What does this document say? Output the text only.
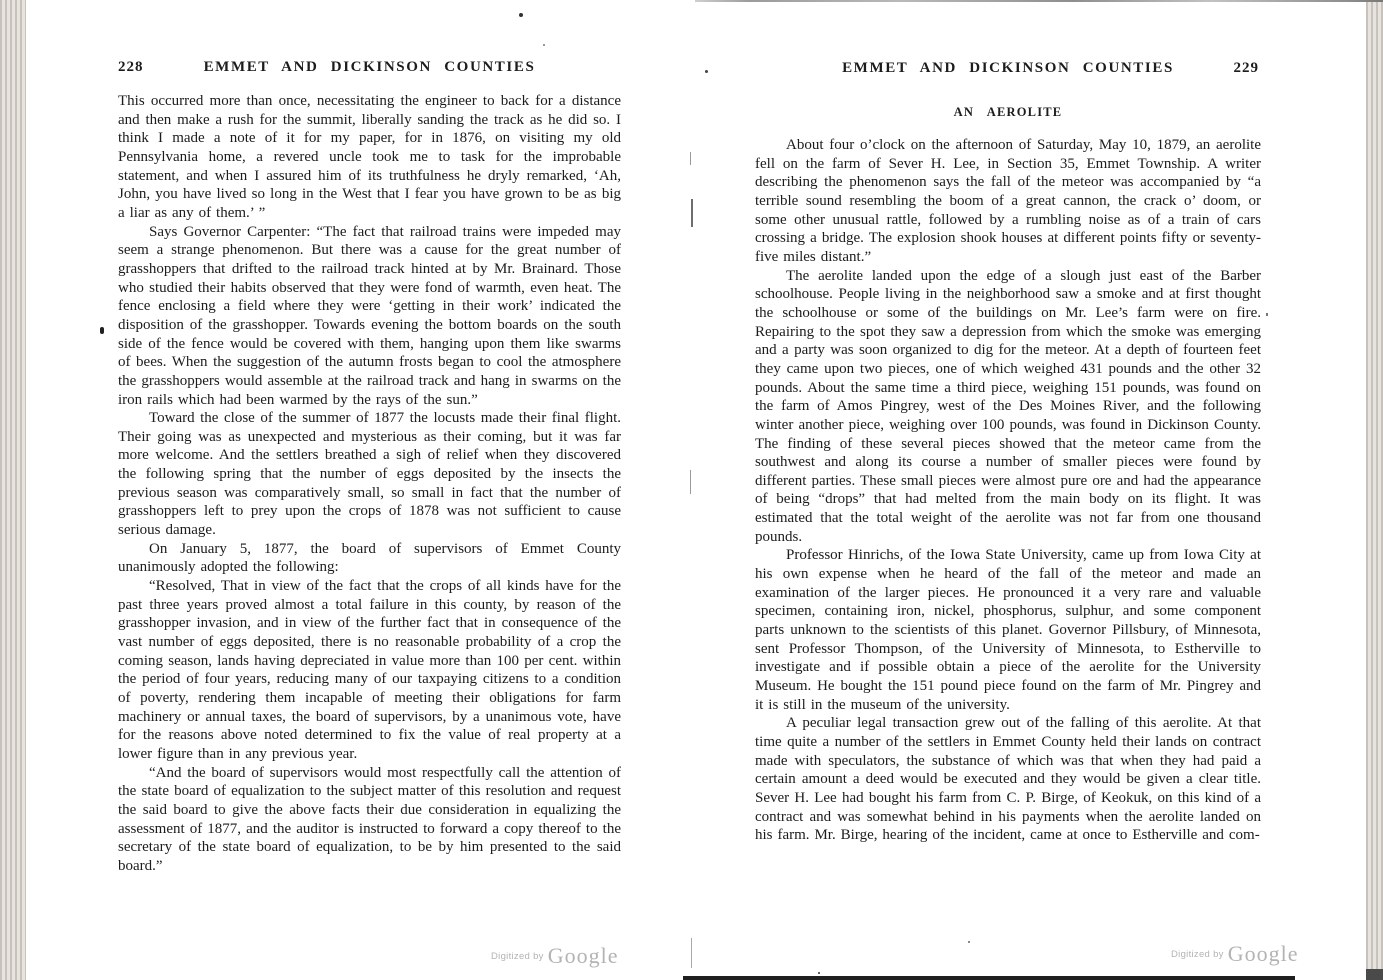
228	EMMET AND DICKINSON COUNTIES

This occurred more than once, necessitating the engineer to back for a distance and then make a rush for the summit, liberally sanding the track as he did so. I think I made a note of it for my paper, for in 1876, on visiting my old Pennsylvania home, a revered uncle took me to task for the improbable statement, and when I assured him of its truthfulness he dryly remarked, ‘Ah, John, you have lived so long in the West that I fear you have grown to be as big a liar as any of them.’ ”

Says Governor Carpenter: “The fact that railroad trains were impeded may seem a strange phenomenon. But there was a cause for the great number of grasshoppers that drifted to the railroad track hinted at by Mr. Brainard. Those who studied their habits observed that they were fond of warmth, even heat. The fence enclosing a field where they were ‘getting in their work’ indicated the disposition of the grasshopper. Towards evening the bottom boards on the south side of the fence would be covered with them, hanging upon them like swarms of bees. When the suggestion of the autumn frosts began to cool the atmosphere the grasshoppers would assemble at the railroad track and hang in swarms on the iron rails which had been warmed by the rays of the sun.”

Toward the close of the summer of 1877 the locusts made their final flight. Their going was as unexpected and mysterious as their coming, but it was far more welcome. And the settlers breathed a sigh of relief when they discovered the following spring that the number of eggs deposited by the insects the previous season was comparatively small, so small in fact that the number of grasshoppers left to prey upon the crops of 1878 was not sufficient to cause serious damage.

On January 5, 1877, the board of supervisors of Emmet County unanimously adopted the following:

“Resolved, That in view of the fact that the crops of all kinds have for the past three years proved almost a total failure in this county, by reason of the grasshopper invasion, and in view of the further fact that in consequence of the vast number of eggs deposited, there is no reasonable probability of a crop the coming season, lands having depreciated in value more than 100 per cent. within the period of four years, reducing many of our taxpaying citizens to a condition of poverty, rendering them incapable of meeting their obligations for farm machinery or annual taxes, the board of supervisors, by a unanimous vote, have for the reasons above noted determined to fix the value of real property at a lower figure than in any previous year.

“And the board of supervisors would most respectfully call the attention of the state board of equalization to the subject matter of this resolution and request the said board to give the above facts their due consideration in equalizing the assessment of 1877, and the auditor is instructed to forward a copy thereof to the secretary of the state board of equalization, to be by him presented to the said board.”

EMMET AND DICKINSON COUNTIES	229
AN AEROLITE

About four o’clock on the afternoon of Saturday, May 10, 1879, an aerolite fell on the farm of Sever H. Lee, in Section 35, Emmet Township. A writer describing the phenomenon says the fall of the meteor was accompanied by “a terrible sound resembling the boom of a great cannon, the crack o’ doom, or some other unusual rattle, followed by a rumbling noise as of a train of cars crossing a bridge. The explosion shook houses at different points fifty or seventy-five miles distant.”

The aerolite landed upon the edge of a slough just east of the Barber schoolhouse. People living in the neighborhood saw a smoke and at first thought the schoolhouse or some of the buildings on Mr. Lee’s farm were on fire. Repairing to the spot they saw a depression from which the smoke was emerging and a party was soon organized to dig for the meteor. At a depth of fourteen feet they came upon two pieces, one of which weighed 431 pounds and the other 32 pounds. About the same time a third piece, weighing 151 pounds, was found on the farm of Amos Pingrey, west of the Des Moines River, and the following winter another piece, weighing over 100 pounds, was found in Dickinson County. The finding of these several pieces showed that the meteor came from the southwest and along its course a number of smaller pieces were found by different parties. These small pieces were almost pure ore and had the appearance of being “drops” that had melted from the main body on its flight. It was estimated that the total weight of the aerolite was not far from one thousand pounds.

Professor Hinrichs, of the Iowa State University, came up from Iowa City at his own expense when he heard of the fall of the meteor and made an examination of the larger pieces. He pronounced it a very rare and valuable specimen, containing iron, nickel, phosphorus, sulphur, and some component parts unknown to the scientists of this planet. Governor Pillsbury, of Minnesota, sent Professor Thompson, of the University of Minnesota, to Estherville to investigate and if possible obtain a piece of the aerolite for the University Museum. He bought the 151 pound piece found on the farm of Mr. Pingrey and it is still in the museum of the university.

A peculiar legal transaction grew out of the falling of this aerolite. At that time quite a number of the settlers in Emmet County held their lands on contract made with speculators, the substance of which was that when they had paid a certain amount a deed would be executed and they would be given a clear title. Sever H. Lee had bought his farm from C. P. Birge, of Keokuk, on this kind of a contract and was somewhat behind in his payments when the aerolite landed on his farm. Mr. Birge, hearing of the incident, came at once to Estherville and com-

$^{Digitized by}$ Google	$^{Digitized by}$ Google
